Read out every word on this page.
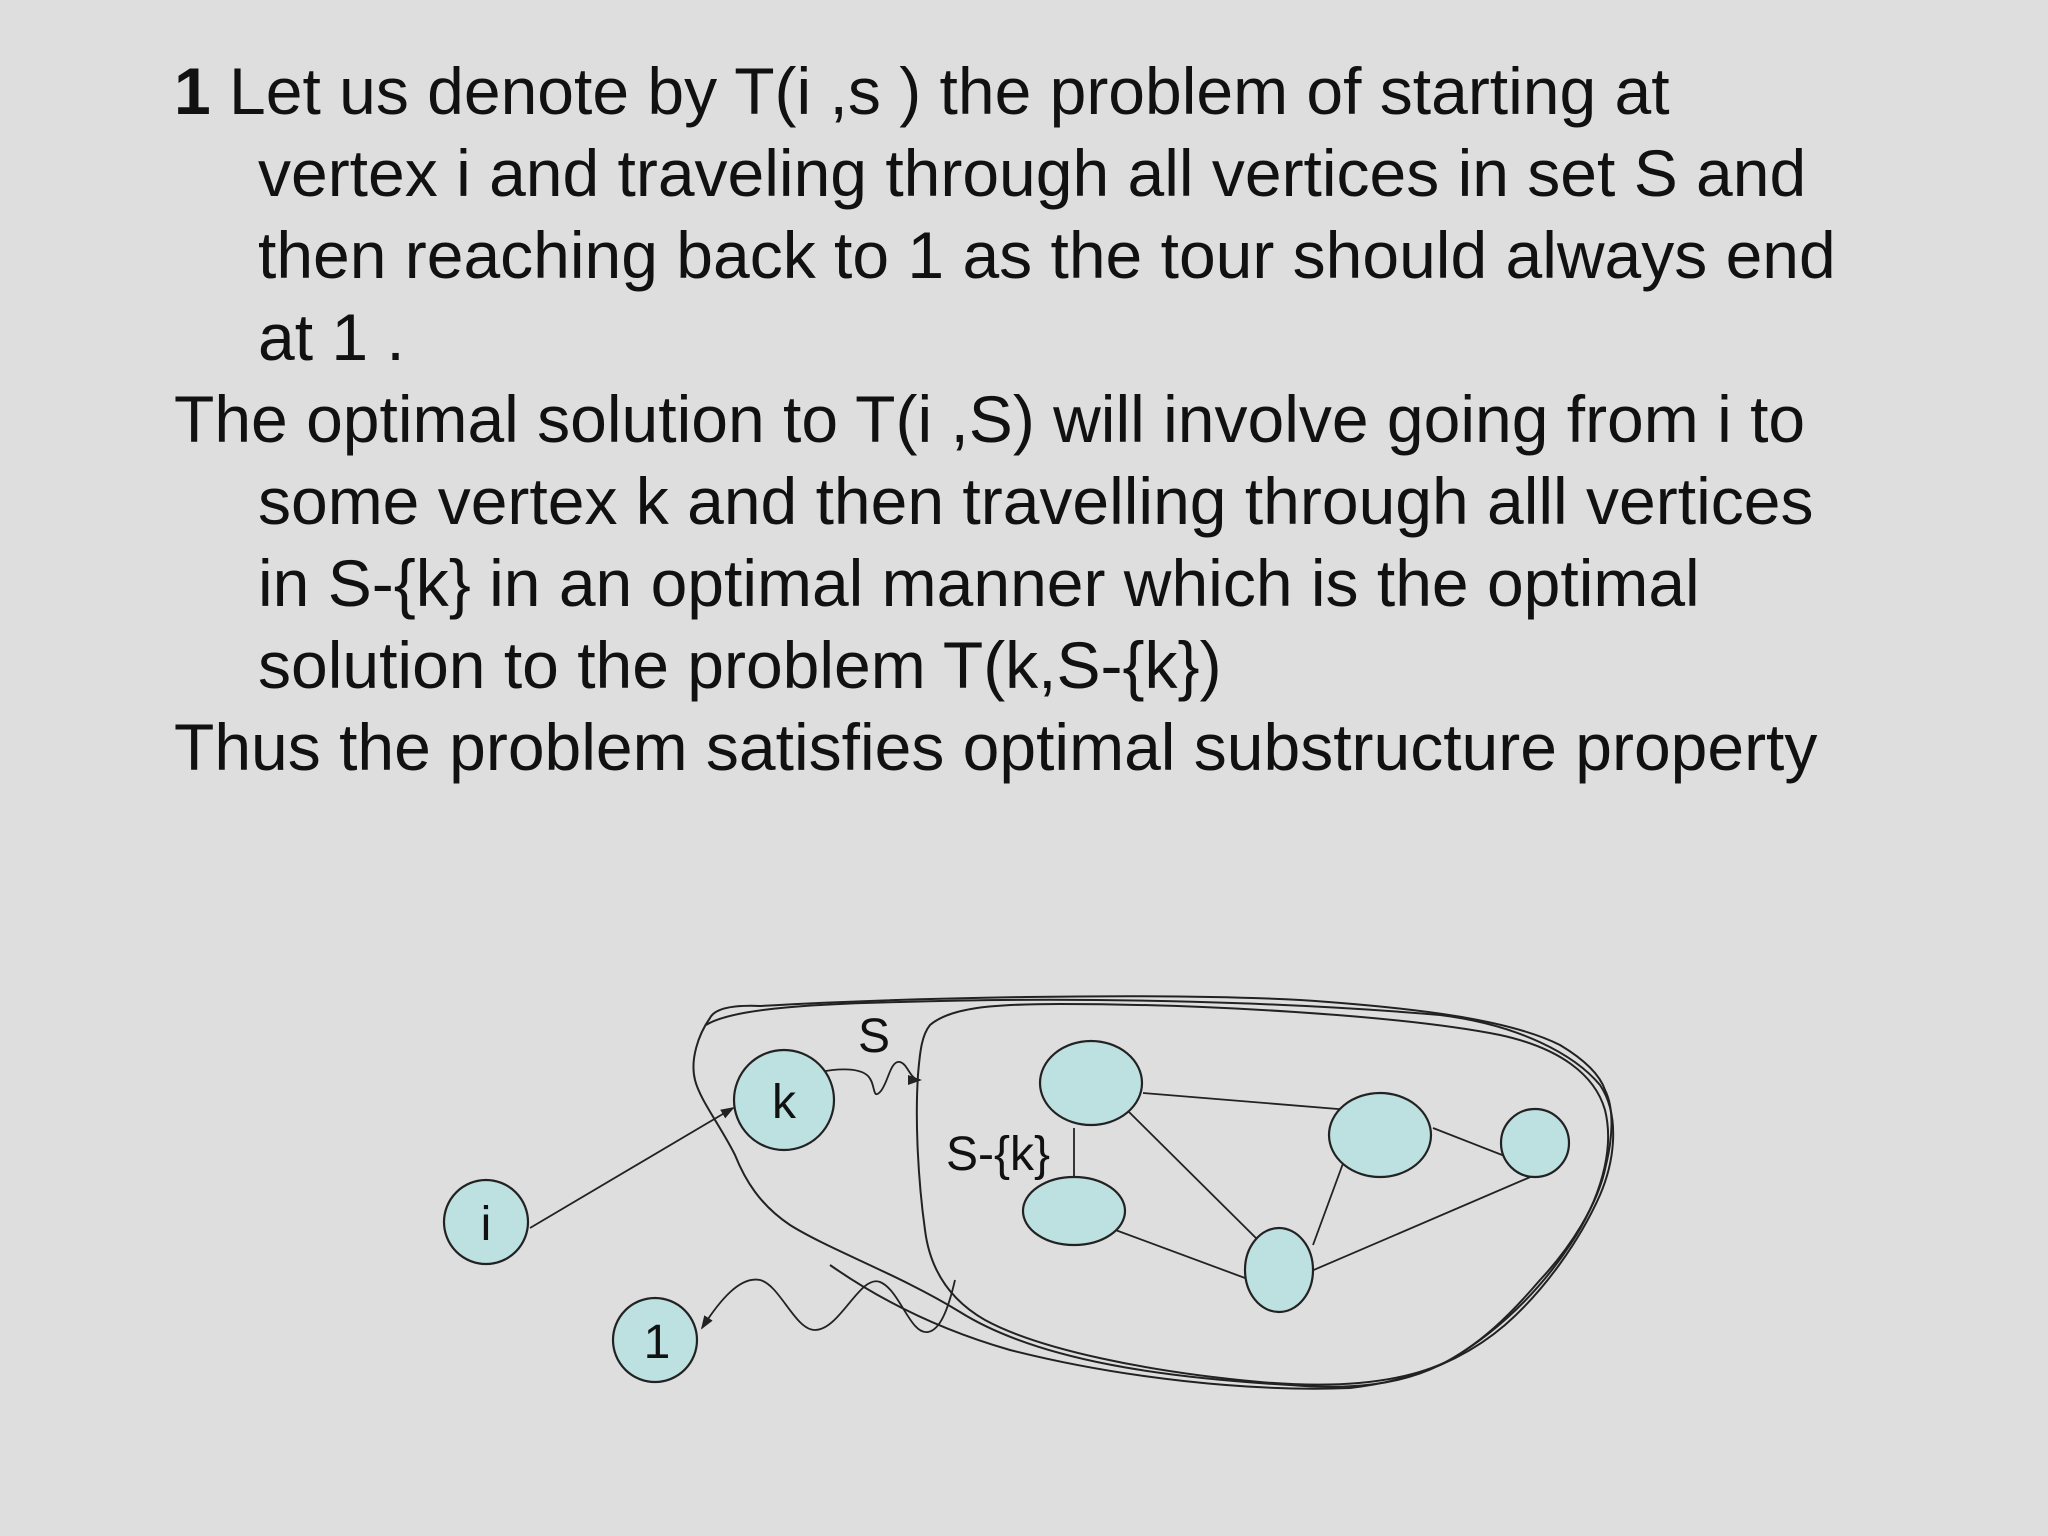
1 Let us denote by T(i ,s ) the problem of starting at
vertex i and traveling through all vertices in set S and
then reaching back to 1 as the tour should always end
at 1 .

The optimal solution to T(i ,S) will involve going from i to
some vertex k and then travelling through alll vertices
in S-{k} in an optimal manner which is the optimal
solution to the problem T(k,S-{k})

Thus the problem satisfies optimal substructure property

i
k
1
S
S-{k}
